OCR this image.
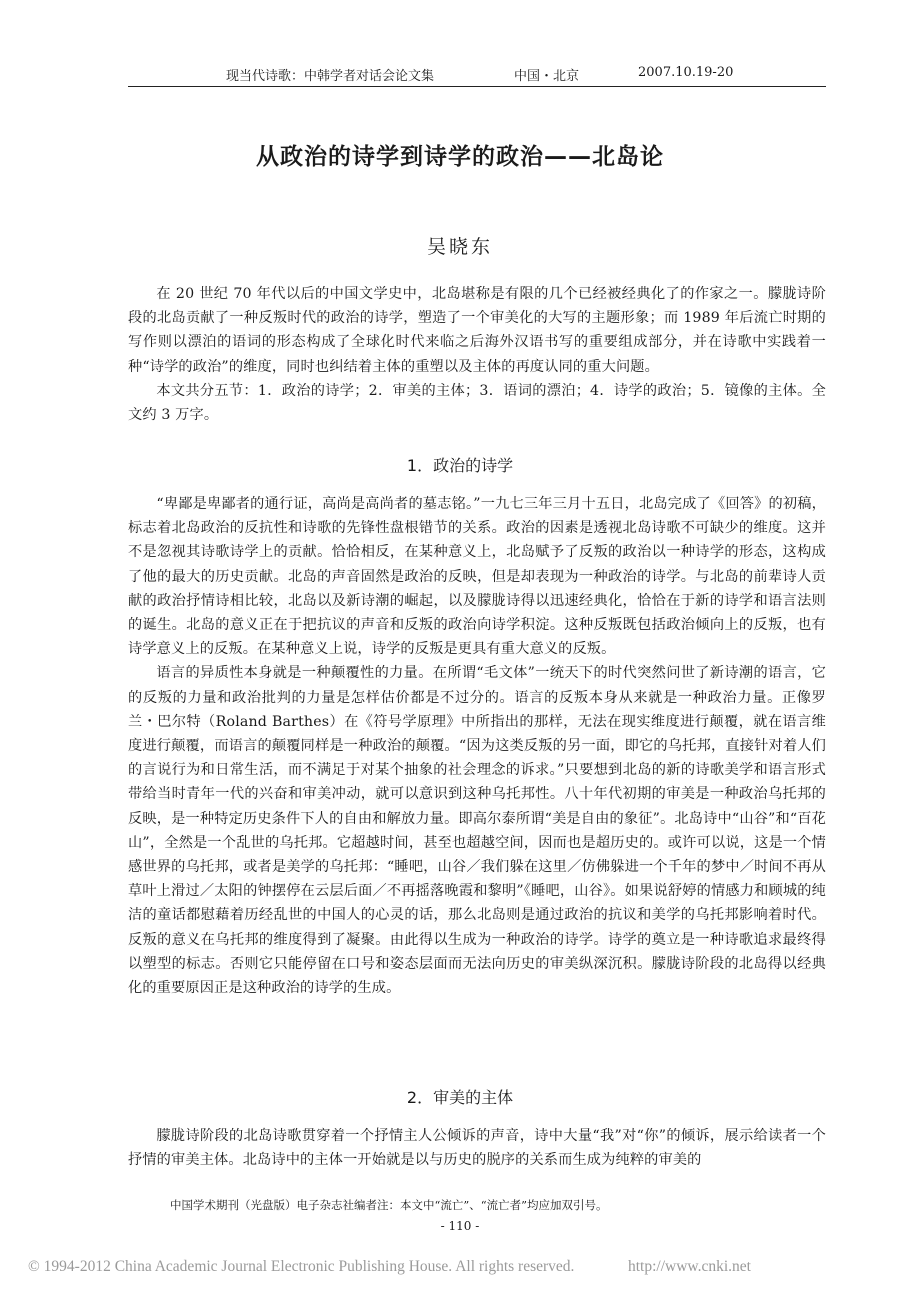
现当代诗歌：中韩学者对话会论文集	中国・北京	2007.10.19-20
从政治的诗学到诗学的政治——北岛论
吴晓东

在 20 世纪 70 年代以后的中国文学史中，北岛堪称是有限的几个已经被经典化了的作家之一。朦胧诗阶段的北岛贡献了一种反叛时代的政治的诗学，塑造了一个审美化的大写的主题形象；而 1989 年后流亡时期的写作则以漂泊的语词的形态构成了全球化时代来临之后海外汉语书写的重要组成部分，并在诗歌中实践着一种“诗学的政治”的维度，同时也纠结着主体的重塑以及主体的再度认同的重大问题。

本文共分五节：1．政治的诗学；2．审美的主体；3．语词的漂泊；4．诗学的政治；5．镜像的主体。全文约 3 万字。

1．政治的诗学

“卑鄙是卑鄙者的通行证，高尚是高尚者的墓志铭。”一九七三年三月十五日，北岛完成了《回答》的初稿，标志着北岛政治的反抗性和诗歌的先锋性盘根错节的关系。政治的因素是透视北岛诗歌不可缺少的维度。这并不是忽视其诗歌诗学上的贡献。恰恰相反，在某种意义上，北岛赋予了反叛的政治以一种诗学的形态，这构成了他的最大的历史贡献。北岛的声音固然是政治的反映，但是却表现为一种政治的诗学。与北岛的前辈诗人贡献的政治抒情诗相比较，北岛以及新诗潮的崛起，以及朦胧诗得以迅速经典化，恰恰在于新的诗学和语言法则的诞生。北岛的意义正在于把抗议的声音和反叛的政治向诗学积淀。这种反叛既包括政治倾向上的反叛，也有诗学意义上的反叛。在某种意义上说，诗学的反叛是更具有重大意义的反叛。

语言的异质性本身就是一种颠覆性的力量。在所谓“毛文体”一统天下的时代突然问世了新诗潮的语言，它的反叛的力量和政治批判的力量是怎样估价都是不过分的。语言的反叛本身从来就是一种政治力量。正像罗兰・巴尔特（Roland Barthes）在《符号学原理》中所指出的那样，无法在现实维度进行颠覆，就在语言维度进行颠覆，而语言的颠覆同样是一种政治的颠覆。“因为这类反叛的另一面，即它的乌托邦，直接针对着人们的言说行为和日常生活，而不满足于对某个抽象的社会理念的诉求。”只要想到北岛的新的诗歌美学和语言形式带给当时青年一代的兴奋和审美冲动，就可以意识到这种乌托邦性。八十年代初期的审美是一种政治乌托邦的反映，是一种特定历史条件下人的自由和解放力量。即高尔泰所谓“美是自由的象征”。北岛诗中“山谷”和“百花山”，全然是一个乱世的乌托邦。它超越时间，甚至也超越空间，因而也是超历史的。或许可以说，这是一个情感世界的乌托邦，或者是美学的乌托邦：“睡吧，山谷／我们躲在这里／仿佛躲进一个千年的梦中／时间不再从草叶上滑过／太阳的钟摆停在云层后面／不再摇落晚霞和黎明”《睡吧，山谷》。如果说舒婷的情感力和顾城的纯洁的童话都慰藉着历经乱世的中国人的心灵的话，那么北岛则是通过政治的抗议和美学的乌托邦影响着时代。反叛的意义在乌托邦的维度得到了凝聚。由此得以生成为一种政治的诗学。诗学的奠立是一种诗歌追求最终得以塑型的标志。否则它只能停留在口号和姿态层面而无法向历史的审美纵深沉积。朦胧诗阶段的北岛得以经典化的重要原因正是这种政治的诗学的生成。

2．审美的主体

朦胧诗阶段的北岛诗歌贯穿着一个抒情主人公倾诉的声音，诗中大量“我”对“你”的倾诉，展示给读者一个抒情的审美主体。北岛诗中的主体一开始就是以与历史的脱序的关系而生成为纯粹的审美的

中国学术期刊（光盘版）电子杂志社编者注：本文中“流亡”、“流亡者”均应加双引号。
- 110 -
© 1994-2012 China Academic Journal Electronic Publishing House. All rights reserved.	http://www.cnki.net
